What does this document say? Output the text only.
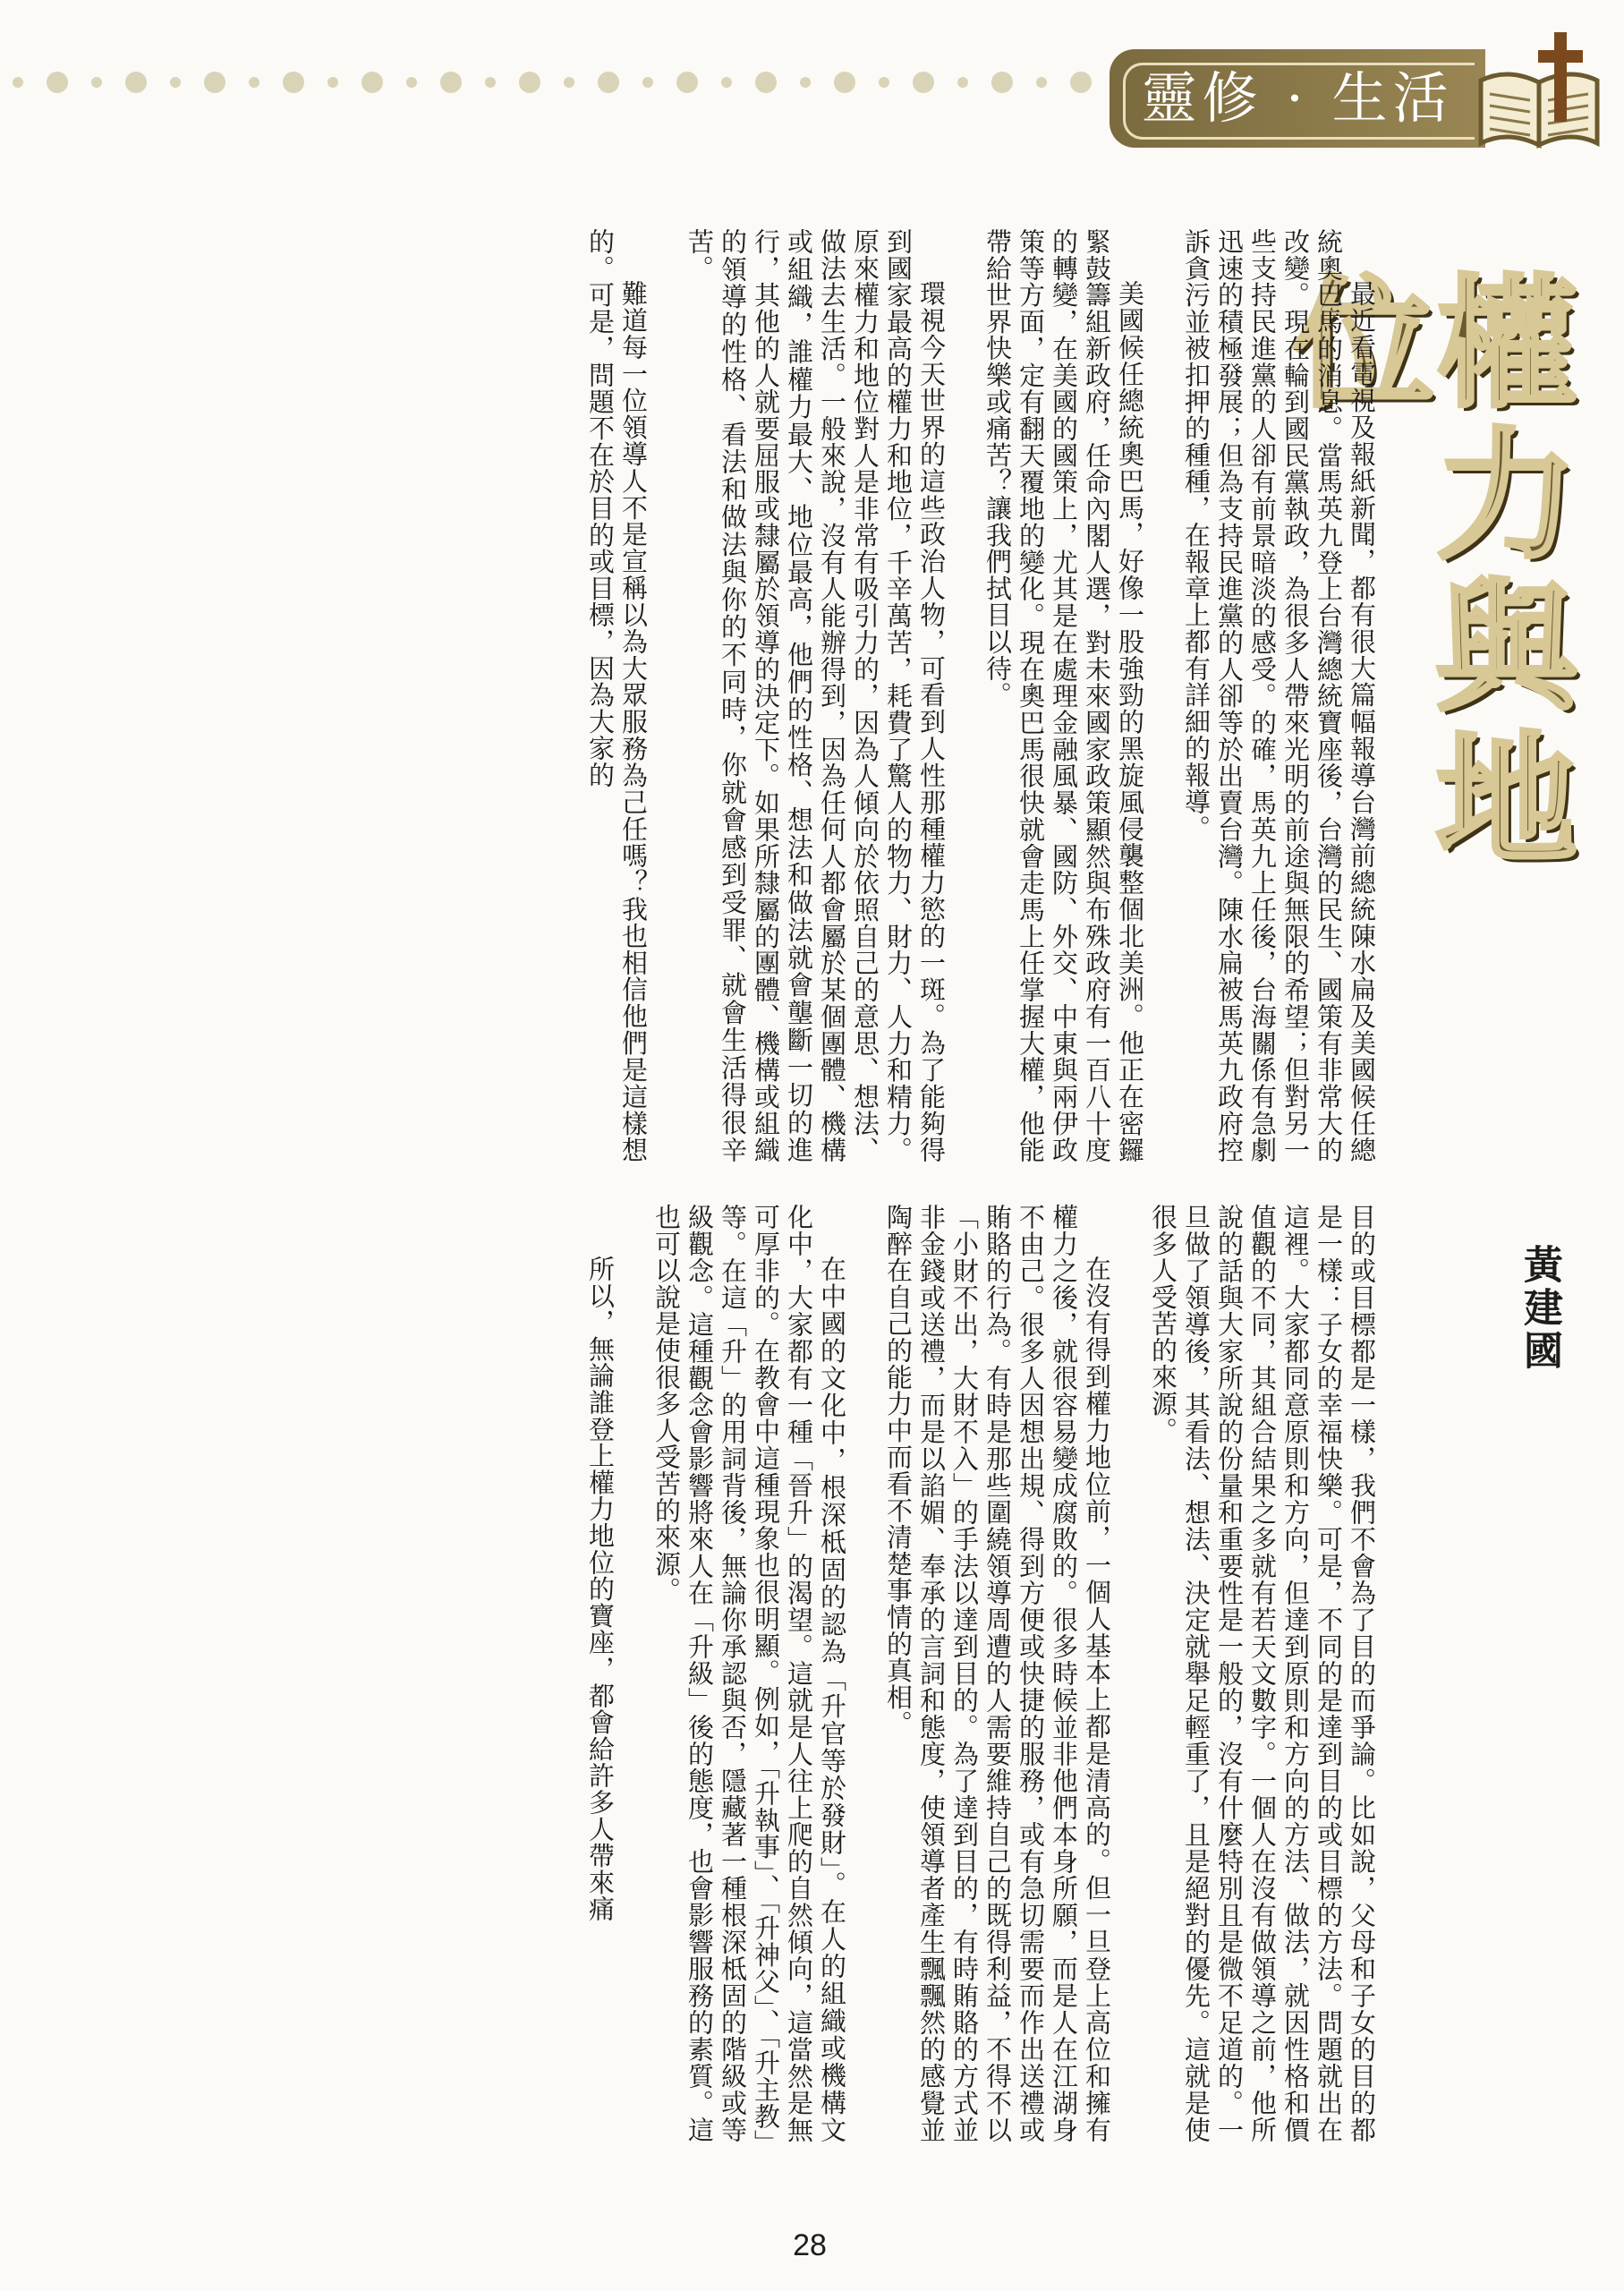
靈修 · 生活
權力與地位
黃建國

最近看電視及報紙新聞，都有很大篇幅報導台灣前總統陳水扁及美國候任總統奧巴馬的消息。當馬英九登上台灣總統寶座後，台灣的民生、國策有非常大的改變。現在輪到國民黨執政，為很多人帶來光明的前途與無限的希望；但對另一些支持民進黨的人卻有前景暗淡的感受。的確，馬英九上任後，台海關係有急劇迅速的積極發展；但為支持民進黨的人卻等於出賣台灣。陳水扁被馬英九政府控訴貪污並被扣押的種種，在報章上都有詳細的報導。

美國候任總統奧巴馬，好像一股強勁的黑旋風侵襲整個北美洲。他正在密鑼緊鼓籌組新政府，任命內閣人選，對未來國家政策顯然與布殊政府有一百八十度的轉變，在美國的國策上，尤其是在處理金融風暴、國防、外交、中東與兩伊政策等方面，定有翻天覆地的變化。現在奧巴馬很快就會走馬上任掌握大權，他能帶給世界快樂或痛苦？讓我們拭目以待。

環視今天世界的這些政治人物，可看到人性那種權力慾的一斑。為了能夠得到國家最高的權力和地位，千辛萬苦，耗費了驚人的物力、財力、人力和精力。原來權力和地位對人是非常有吸引力的，因為人傾向於依照自己的意思、想法、做法去生活。一般來說，沒有人能辦得到，因為任何人都會屬於某個團體、機構或組織，誰權力最大、地位最高，他們的性格、想法和做法就會壟斷一切的進行，其他的人就要屈服或隸屬於領導的決定下。如果所隸屬的團體、機構或組織的領導的性格、看法和做法與你的不同時，你就會感到受罪、就會生活得很辛苦。

難道每一位領導人不是宣稱以為大眾服務為己任嗎？我也相信他們是這樣想的。可是，問題不在於目的或目標，因為大家的

目的或目標都是一樣，我們不會為了目的而爭論。比如說，父母和子女的目的都是一樣：子女的幸福快樂。可是，不同的是達到目的或目標的方法。問題就出在這裡。大家都同意原則和方向，但達到原則和方向的方法、做法，就因性格和價值觀的不同，其組合結果之多就有若天文數字。一個人在沒有做領導之前，他所說的話與大家所說的份量和重要性是一般的，沒有什麼特別且是微不足道的。一旦做了領導後，其看法、想法、決定就舉足輕重了，且是絕對的優先。這就是使很多人受苦的來源。

在沒有得到權力地位前，一個人基本上都是清高的。但一旦登上高位和擁有權力之後，就很容易變成腐敗的。很多時候並非他們本身所願，而是人在江湖身不由己。很多人因想出規、得到方便或快捷的服務，或有急切需要而作出送禮或賄賂的行為。有時是那些圍繞領導周遭的人需要維持自己的既得利益，不得不以「小財不出，大財不入」的手法以達到目的。為了達到目的，有時賄賂的方式並非金錢或送禮，而是以諂媚、奉承的言詞和態度，使領導者產生飄飄然的感覺並陶醉在自己的能力中而看不清楚事情的真相。

在中國的文化中，根深柢固的認為「升官等於發財」。在人的組織或機構文化中，大家都有一種「晉升」的渴望。這就是人往上爬的自然傾向，這當然是無可厚非的。在教會中這種現象也很明顯。例如，「升執事」、「升神父」、「升主教」等。在這「升」的用詞背後，無論你承認與否，隱藏著一種根深柢固的階級或等級觀念。這種觀念會影響將來人在「升級」後的態度，也會影響服務的素質。這也可以說是使很多人受苦的來源。

所以，無論誰登上權力地位的寶座，都會給許多人帶來痛

28
